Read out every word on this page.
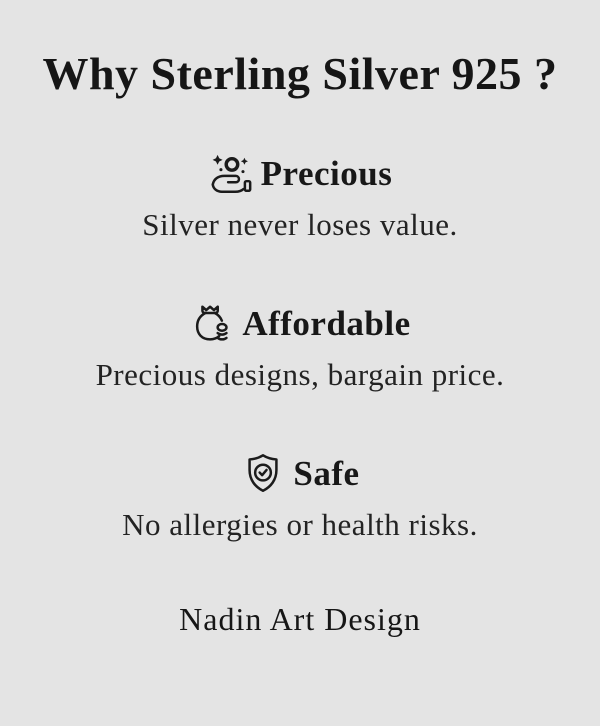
Why Sterling Silver 925 ?
Precious
Silver never loses value.
Affordable
Precious designs, bargain price.
Safe
No allergies or health risks.
Nadin Art Design
